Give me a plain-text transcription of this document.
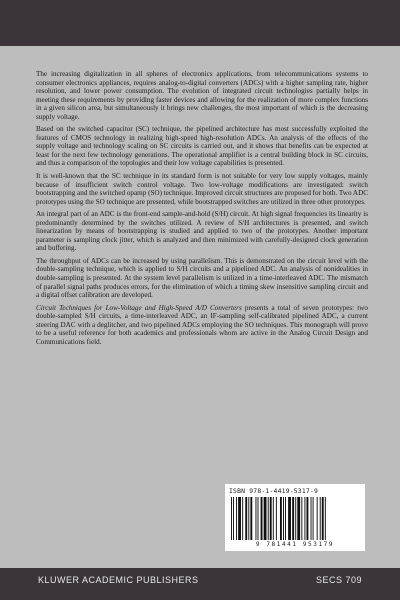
The increasing digitalization in all spheres of electronics applications, from telecommunications systems to consumer electronics appliances, requires analog-to-digital converters (ADCs) with a higher sampling rate, higher resolution, and lower power consumption. The evolution of integrated circuit technologies partially helps in meeting these requirements by providing faster devices and allowing for the realization of more complex functions in a given silicon area, but simultaneously it brings new challenges, the most important of which is the decreasing supply voltage.

Based on the switched capacitor (SC) technique, the pipelined architecture has most successfully exploited the features of CMOS technology in realizing high-speed high-resolution ADCs. An analysis of the effects of the supply voltage and technology scaling on SC circuits is carried out, and it shows that benefits can be expected at least for the next few technology generations. The operational amplifier is a central building block in SC circuits, and thus a comparison of the topologies and their low voltage capabilities is presented.

It is well-known that the SC technique in its standard form is not suitable for very low supply voltages, mainly because of insufficient switch control voltage. Two low-voltage modifications are investigated: switch bootstrapping and the switched opamp (SO) technique. Improved circuit structures are proposed for both. Two ADC prototypes using the SO technique are presented, while bootstrapped switches are utilized in three other prototypes.

An integral part of an ADC is the front-end sample-and-hold (S/H) circuit. At high signal frequencies its linearity is predominantly determined by the switches utilized. A review of S/H architectures is presented, and switch linearization by means of bootstrapping is studied and applied to two of the prototypes. Another important parameter is sampling clock jitter, which is analyzed and then minimized with carefully-designed clock generation and buffering.

The throughput of ADCs can be increased by using parallelism. This is demonstrated on the circuit level with the double-sampling technique, which is applied to S/H circuits and a pipelined ADC. An analysis of nonidealities in double-sampling is presented. At the system level parallelism is utilized in a time-interleaved ADC. The mismatch of parallel signal paths produces errors, for the elimination of which a timing skew insensitive sampling circuit and a digital offset calibration are developed.

Circuit Techniques for Low-Voltage and High-Speed A/D Converters presents a total of seven prototypes: two double-sampled S/H circuits, a time-interleaved ADC, an IF-sampling self-calibrated pipelined ADC, a current steering DAC with a deglitcher, and two pipelined ADCs employing the SO techniques. This monograph will prove to be a useful reference for both academics and professionals whom are active in the Analog Circuit Design and Communications field.

ISBN 978-1-4419-5317-9
9 781441 953179
KLUWER ACADEMIC PUBLISHERS	SECS 709
